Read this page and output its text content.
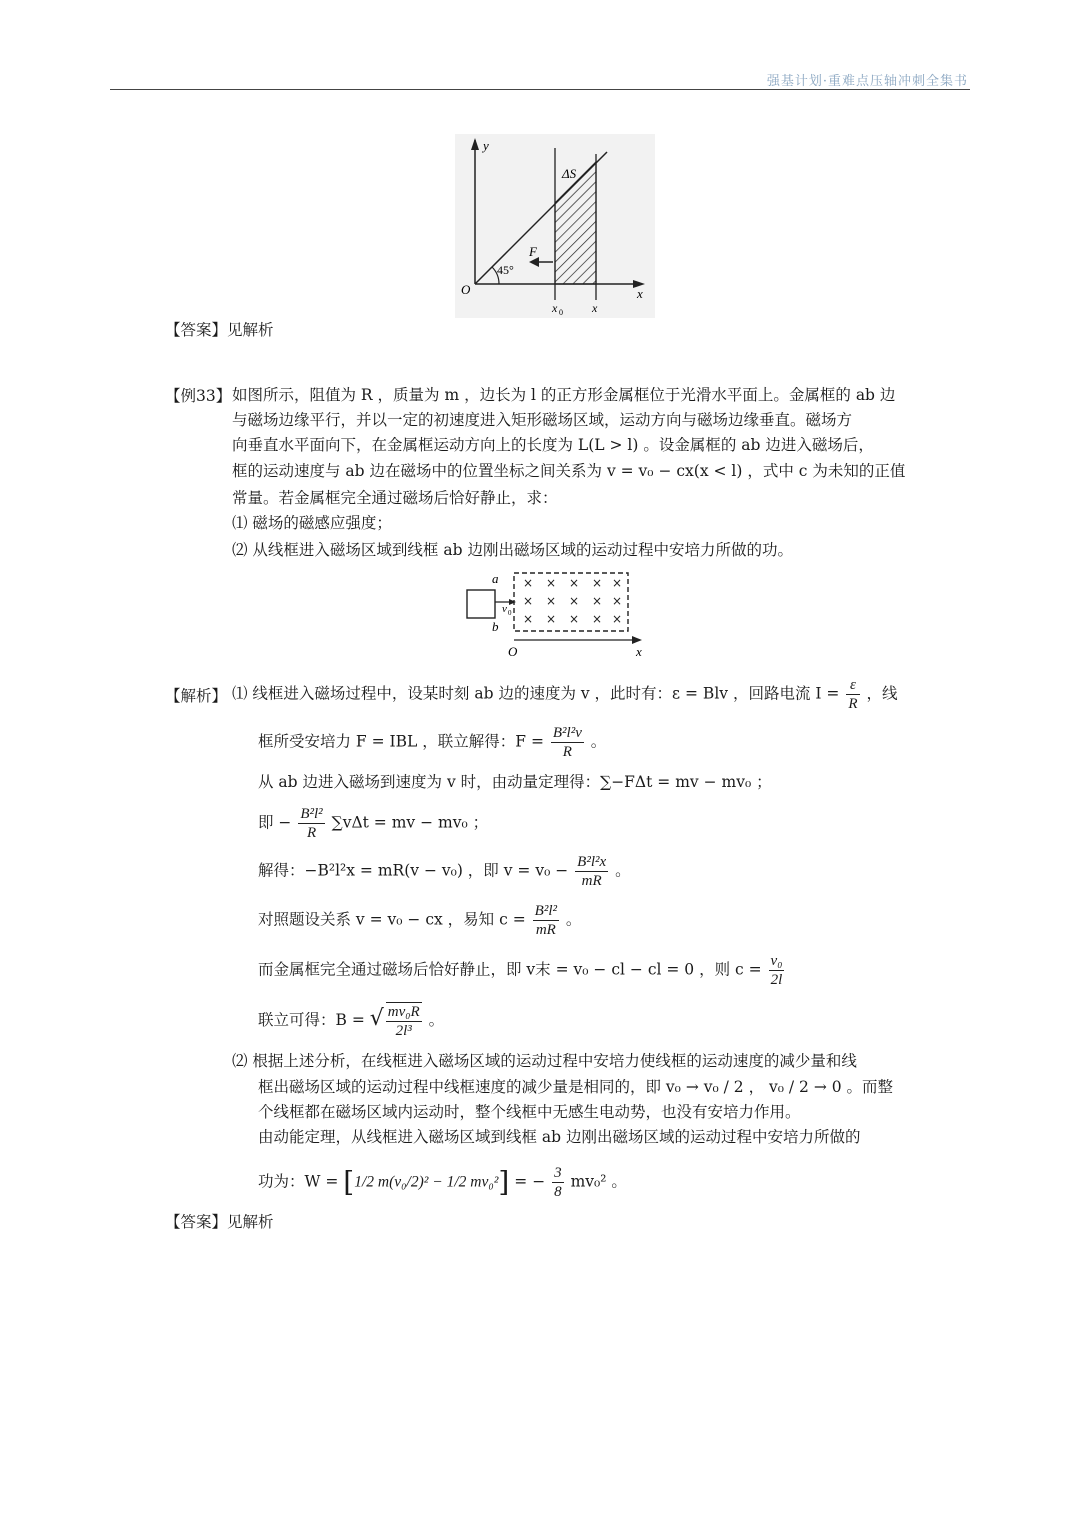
强基计划·重难点压轴冲刺全集书
y
ΔS
F
45°
O	x
x 0 x
【答案】见解析
【例33】 如图所示，阻值为 R ，质量为 m ，边长为 l 的正方形金属框位于光滑水平面上。金属框的 ab 边
与磁场边缘平行，并以一定的初速度进入矩形磁场区域，运动方向与磁场边缘垂直。磁场方
向垂直水平面向下，在金属框运动方向上的长度为 L(L > l) 。设金属框的 ab 边进入磁场后，
框的运动速度与 ab 边在磁场中的位置坐标之间关系为 v = v₀ − cx(x < l) ，式中 c 为未知的正值
常量。若金属框完全通过磁场后恰好静止，求：
⑴ 磁场的磁感应强度；
⑵ 从线框进入磁场区域到线框 ab 边刚出磁场区域的运动过程中安培力所做的功。
× × × × ×
× × × × ×
× × × × ×
a
b
v 0
O	x
【解析】 ⑴ 线框进入磁场过程中，设某时刻 ab 边的速度为 v ，此时有：ε = Blv ，回路电流 $I = \frac{\varepsilon}{R}$ ，线
框所受安培力 F = IBL ，联立解得：$F = \frac{\text{B²l²v}}{R}$ 。
从 ab 边进入磁场到速度为 v 时，由动量定理得：∑−FΔt = mv − mv₀ ；
即 − $\frac{\text{B²l²}}{R} \sum v\Delta t$ = mv − mv₀ ；
解得：−B²l²x = mR(v − v₀) ，即 $v = v_0 - \frac{\text{B²l²x}}{mR}$ 。
对照题设关系 v = v₀ − cx ，易知 $c = \frac{\text{B²l²}}{mR}$ 。
而金属框完全通过磁场后恰好静止，即 v末 = v₀ − cl − cl = 0 ，则 $c = \frac{\text{v₀}}{2l}$
联立可得：B = √ $\frac{\text{mv₀R}}{\text{2l³}}$ 。
⑵ 根据上述分析，在线框进入磁场区域的运动过程中安培力使线框的运动速度的减少量和线
框出磁场区域的运动过程中线框速度的减少量是相同的，即 v₀ → v₀ / 2 ， v₀ / 2 → 0 。而整
个线框都在磁场区域内运动时，整个线框中无感生电动势，也没有安培力作用。
由动能定理，从线框进入磁场区域到线框 ab 边刚出磁场区域的运动过程中安培力所做的
功为：W = [1/2 m(v₀/2)² − 1/2 mv₀²] = − $\frac{3}{8} mv_0^2$ 。
【答案】见解析
